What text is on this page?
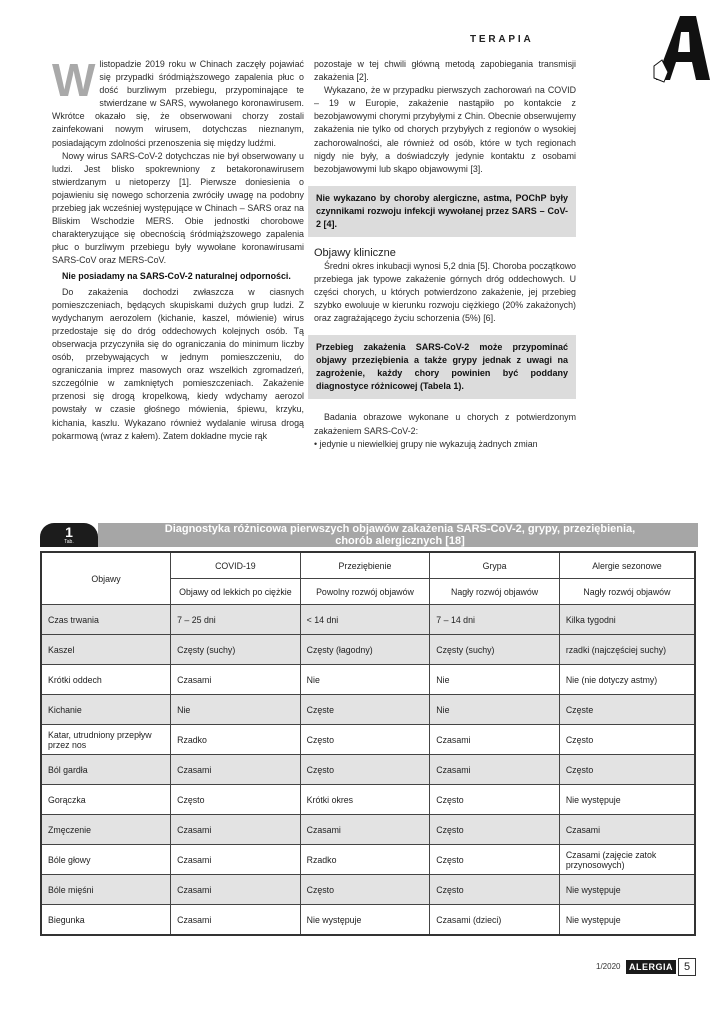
TERAPIA

Wlistopadzie 2019 roku w Chinach zaczęły pojawiać się przypadki śródmiąższowego zapalenia płuc o dość burzliwym przebiegu, przypominające te stwierdzane w SARS, wywołanego koronawirusem. Wkrótce okazało się, że obserwowani chorzy zostali zainfekowani nowym wirusem, dotychczas nieznanym, posiadającym zdolności przenoszenia się między ludźmi.

Nowy wirus SARS-CoV-2 dotychczas nie był obserwowany u ludzi. Jest blisko spokrewniony z betakoronawirusem stwierdzanym u nietoperzy [1]. Pierwsze doniesienia o pojawieniu się nowego schorzenia zwróciły uwagę na podobny przebieg jak wcześniej występujące w Chinach – SARS oraz na Bliskim Wschodzie MERS. Obie jednostki chorobowe charakteryzujące się obecnością śródmiąższowego zapalenia płuc o burzliwym przebiegu były wywołane koronawirusami SARS-CoV oraz MERS-CoV.

Nie posiadamy na SARS-CoV-2 naturalnej odporności.

Do zakażenia dochodzi zwłaszcza w ciasnych pomieszczeniach, będących skupiskami dużych grup ludzi. Z wydychanym aerozolem (kichanie, kaszel, mówienie) wirus przedostaje się do dróg oddechowych kolejnych osób. Tą obserwacja przyczyniła się do ograniczania do minimum liczby osób, przebywających w jednym pomieszczeniu, do ograniczania imprez masowych oraz wszelkich zgromadzeń, szczególnie w zamkniętych pomieszczeniach. Zakażenie przenosi się drogą kropelkową, kiedy wdychamy aerozol powstały w czasie głośnego mówienia, śpiewu, krzyku, kichania, kaszlu. Wykazano również wydalanie wirusa drogą pokarmową (wraz z kałem). Zatem dokładne mycie rąk

pozostaje w tej chwili główną metodą zapobiegania transmisji zakażenia [2].

Wykazano, że w przypadku pierwszych zachorowań na COVID – 19 w Europie, zakażenie nastąpiło po kontakcie z bezobjawowymi chorymi przybyłymi z Chin. Obecnie obserwujemy zakażenia nie tylko od chorych przybyłych z regionów o wysokiej zachorowalności, ale również od osób, które w tych regionach nigdy nie były, a doświadczyły jedynie kontaktu z osobami bezobjawowymi lub skąpo objawowymi [3].

Nie wykazano by choroby alergiczne, astma, POChP były czynnikami rozwoju infekcji wywołanej przez SARS – CoV-2 [4].

Objawy kliniczne

Średni okres inkubacji wynosi 5,2 dnia [5]. Choroba początkowo przebiega jak typowe zakażenie górnych dróg oddechowych. U części chorych, u których potwierdzono zakażenie, jej przebieg szybko ewoluuje w kierunku rozwoju ciężkiego (20% zakażonych) oraz zagrażającego życiu schorzenia (5%) [6].

Przebieg zakażenia SARS-CoV-2 może przypominać objawy przeziębienia a także grypy jednak z uwagi na zagrożenie, każdy chory powinien być poddany diagnostyce różnicowej (Tabela 1).

Badania obrazowe wykonane u chorych z potwierdzonym zakażeniem SARS-CoV-2:

• jedynie u niewielkiej grupy nie wykazują żadnych zmian

1
Tab.
Diagnostyka różnicowa pierwszych objawów zakażenia SARS-CoV-2, grypy, przeziębienia,
chorób alergicznych [18]
Objawy	COVID-19	Przeziębienie	Grypa	Alergie sezonowe
	Objawy od lekkich po ciężkie	Powolny rozwój objawów	Nagły rozwój objawów	Nagły rozwój objawów
Czas trwania	7 – 25 dni	< 14 dni	7 – 14 dni	Kilka tygodni
Kaszel	Częsty (suchy)	Częsty (łagodny)	Częsty (suchy)	rzadki (najczęściej suchy)
Krótki oddech	Czasami	Nie	Nie	Nie (nie dotyczy astmy)
Kichanie	Nie	Częste	Nie	Częste
Katar, utrudniony przepływ przez nos	Rzadko	Często	Czasami	Często
Ból gardła	Czasami	Często	Czasami	Często
Gorączka	Często	Krótki okres	Często	Nie występuje
Zmęczenie	Czasami	Czasami	Często	Czasami
Bóle głowy	Czasami	Rzadko	Często	Czasami (zajęcie zatok przynosowych)
Bóle mięśni	Czasami	Często	Często	Nie występuje
Biegunka	Czasami	Nie występuje	Czasami (dzieci)	Nie występuje
1/2020 ALERGIA 5
